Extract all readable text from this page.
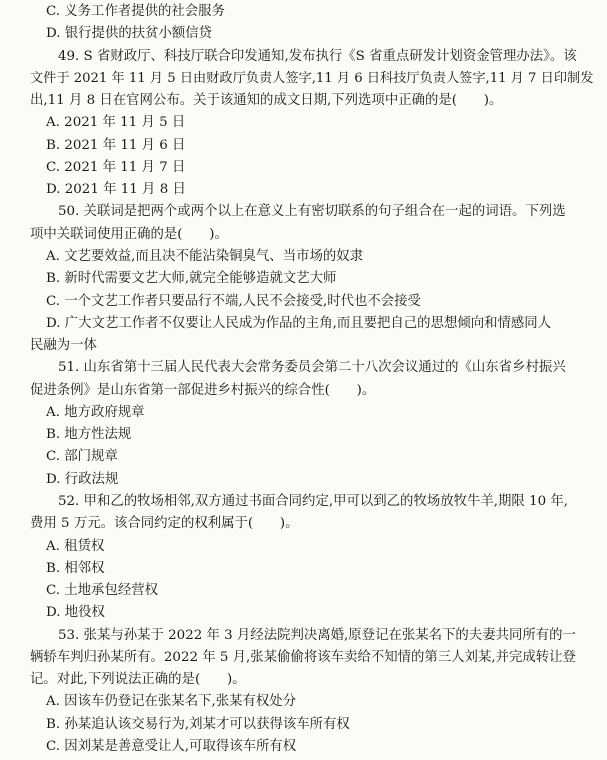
C. 义务工作者提供的社会服务
D. 银行提供的扶贫小额信贷
49. S 省财政厅、科技厅联合印发通知,发布执行《S 省重点研发计划资金管理办法》。该
文件于 2021 年 11 月 5 日由财政厅负责人签字,11 月 6 日科技厅负责人签字,11 月 7 日印制发
出,11 月 8 日在官网公布。关于该通知的成文日期,下列选项中正确的是(　　)。
A. 2021 年 11 月 5 日
B. 2021 年 11 月 6 日
C. 2021 年 11 月 7 日
D. 2021 年 11 月 8 日
50. 关联词是把两个或两个以上在意义上有密切联系的句子组合在一起的词语。下列选
项中关联词使用正确的是(　　)。
A. 文艺要效益,而且决不能沾染铜臭气、当市场的奴隶
B. 新时代需要文艺大师,就完全能够造就文艺大师
C. 一个文艺工作者只要品行不端,人民不会接受,时代也不会接受
D. 广大文艺工作者不仅要让人民成为作品的主角,而且要把自己的思想倾向和情感同人
民融为一体
51. 山东省第十三届人民代表大会常务委员会第二十八次会议通过的《山东省乡村振兴
促进条例》是山东省第一部促进乡村振兴的综合性(　　)。
A. 地方政府规章
B. 地方性法规
C. 部门规章
D. 行政法规
52. 甲和乙的牧场相邻,双方通过书面合同约定,甲可以到乙的牧场放牧牛羊,期限 10 年,
费用 5 万元。该合同约定的权利属于(　　)。
A. 租赁权
B. 相邻权
C. 土地承包经营权
D. 地役权
53. 张某与孙某于 2022 年 3 月经法院判决离婚,原登记在张某名下的夫妻共同所有的一
辆轿车判归孙某所有。2022 年 5 月,张某偷偷将该车卖给不知情的第三人刘某,并完成转让登
记。对此,下列说法正确的是(　　)。
A. 因该车仍登记在张某名下,张某有权处分
B. 孙某追认该交易行为,刘某才可以获得该车所有权
C. 因刘某是善意受让人,可取得该车所有权
